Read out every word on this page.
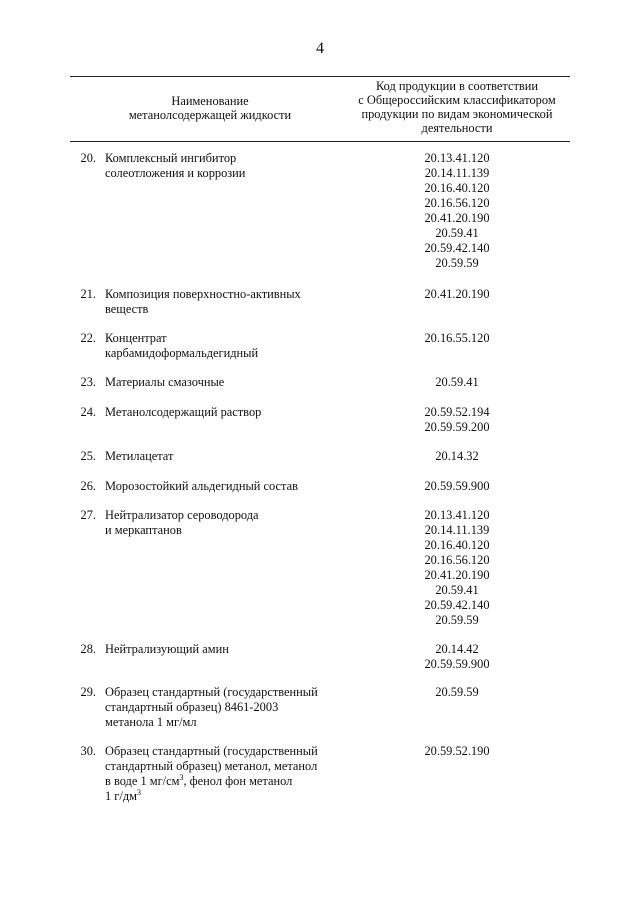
4
Наименование
метанолсодержащей жидкости
Код продукции в соответствии
с Общероссийским классификатором
продукции по видам экономической
деятельности
20. Комплексный ингибитор
солеотложения и коррозии
20.13.41.120
20.14.11.139
20.16.40.120
20.16.56.120
20.41.20.190
20.59.41
20.59.42.140
20.59.59
21. Композиция поверхностно-активных
веществ
20.41.20.190
22. Концентрат
карбамидоформальдегидный
20.16.55.120
23. Материалы смазочные	20.59.41
24. Метанолсодержащий раствор	20.59.52.194
20.59.59.200
25. Метилацетат	20.14.32
26. Морозостойкий альдегидный состав	20.59.59.900
27. Нейтрализатор сероводорода
и меркаптанов
20.13.41.120
20.14.11.139
20.16.40.120
20.16.56.120
20.41.20.190
20.59.41
20.59.42.140
20.59.59
28. Нейтрализующий амин	20.14.42
20.59.59.900
29. Образец стандартный (государственный
стандартный образец) 8461-2003
метанола 1 мг/мл
20.59.59
30. Образец стандартный (государственный
стандартный образец) метанол, метанол
в воде 1 $мг/см^3$, фенол фон метанол
1 $г/дм^3$
20.59.52.190
